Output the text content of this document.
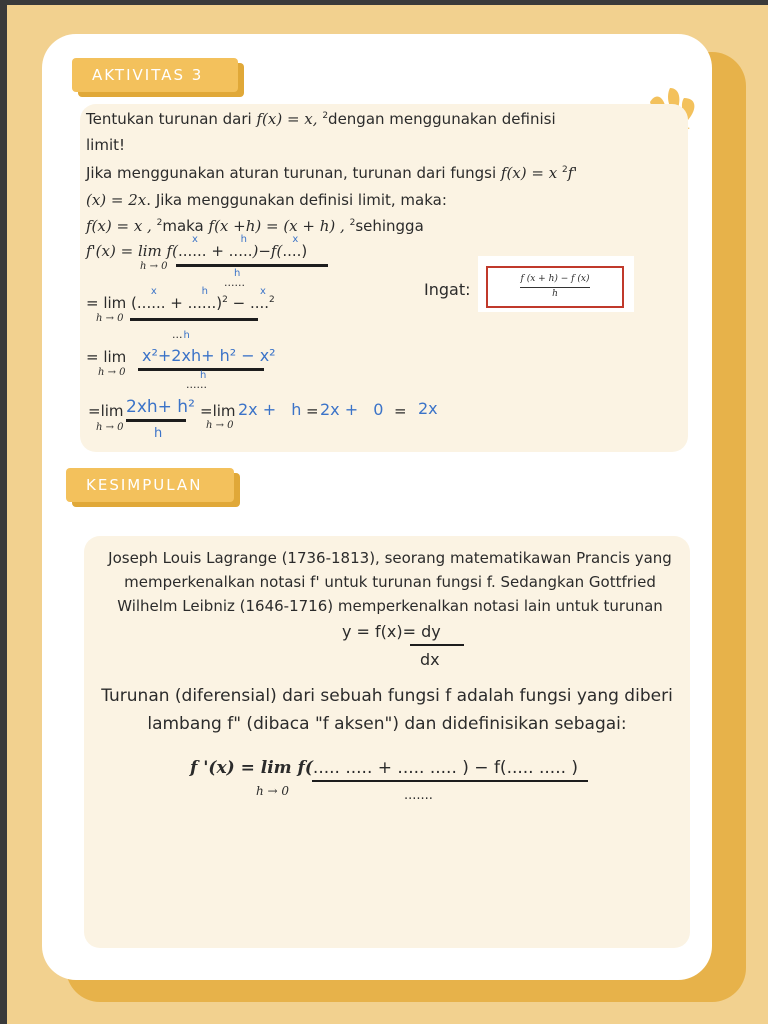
AKTIVITAS 3
Tentukan turunan dari f(x) = x, $^2$dengan menggunakan definisi
limit!
Jika menggunakan aturan turunan, turunan dari fungsi f(x) = x $^2$f'
(x) = 2x. Jika menggunakan definisi limit, maka:
f(x) = x , $^2$maka f(x +h) = (x + h) , $^2$sehingga
f'(x) = lim f(......
x
+ .....
h
)−f(....
x
)
h → 0
......
h
= lim (......
x
+ ......
h
)$^2$ − ....
x
$^2$
h → 0
...h
= lim x²+2xh+ h² − x²
h → 0
......
h
=lim 2xh+ h²
h
h → 0
=lim 2x + h
h → 0
= 2x + 0 = 2x
Ingat:
f (x + h) − f (x)
h
KESIMPULAN
Joseph Louis Lagrange (1736-1813), seorang matematikawan Prancis yang
memperkenalkan notasi f' untuk turunan fungsi f. Sedangkan Gottfried
Wilhelm Leibniz (1646-1716) memperkenalkan notasi lain untuk turunan
y = f(x)= dy
dx
Turunan (diferensial) dari sebuah fungsi f adalah fungsi yang diberi
lambang f" (dibaca "f aksen") dan didefinisikan sebagai:
f '(x) = lim f(..... ..... + ..... ..... ) − f(..... ..... )
h → 0	.......
